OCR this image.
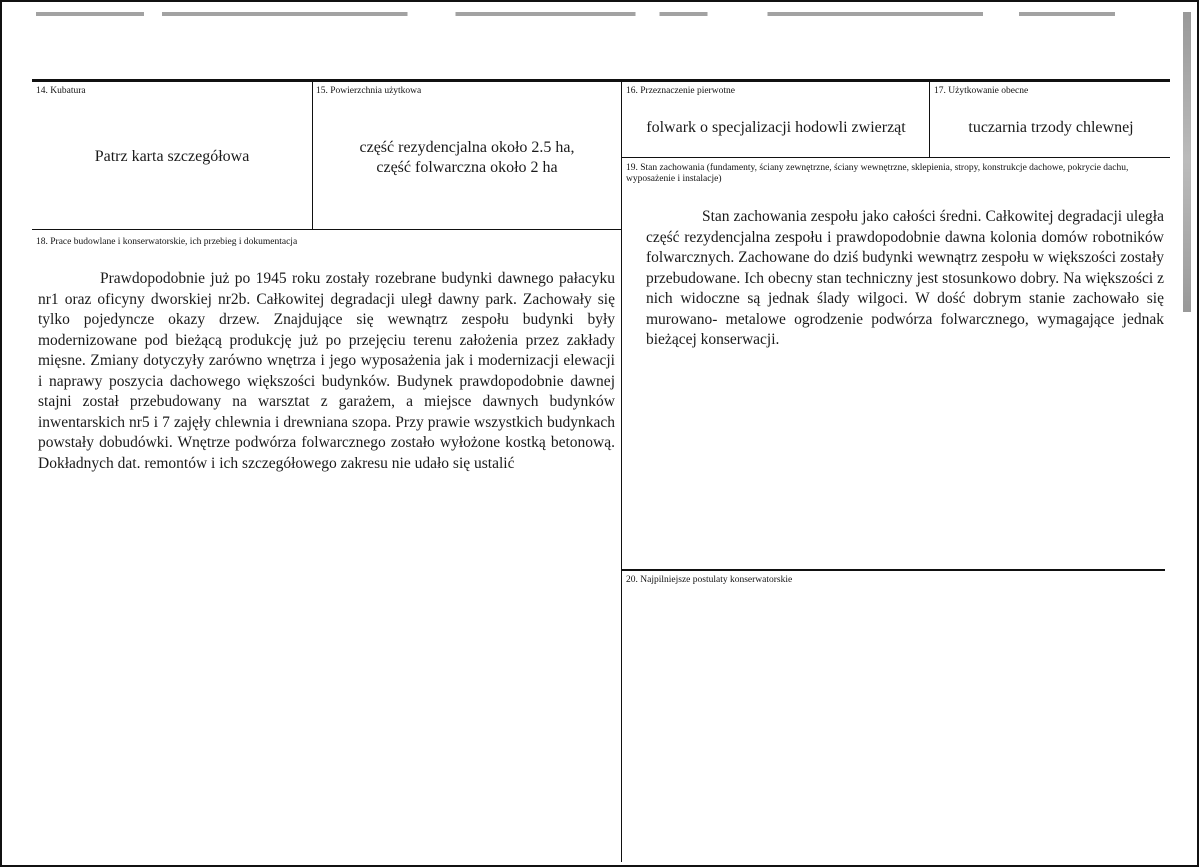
14. Kubatura
Patrz karta szczegółowa
15. Powierzchnia użytkowa
część rezydencjalna około 2.5 ha,
część folwarczna około 2 ha
16. Przeznaczenie pierwotne
folwark o specjalizacji hodowli zwierząt
17. Użytkowanie obecne
tuczarnia trzody chlewnej
18. Prace budowlane i konserwatorskie, ich przebieg i dokumentacja

Prawdopodobnie już po 1945 roku zostały rozebrane budynki dawnego pałacyku nr1 oraz oficyny dworskiej nr2b. Całkowitej degradacji uległ dawny park. Zachowały się tylko pojedyncze okazy drzew. Znajdujące się wewnątrz zespołu budynki były modernizowane pod bieżącą produkcję już po przejęciu terenu założenia przez zakłady mięsne. Zmiany dotyczyły zarówno wnętrza i jego wyposażenia jak i modernizacji elewacji i naprawy poszycia dachowego większości budynków. Budynek prawdopodobnie dawnej stajni został przebudowany na warsztat z garażem, a miejsce dawnych budynków inwentarskich nr5 i 7 zajęły chlewnia i drewniana szopa. Przy prawie wszystkich budynkach powstały dobudówki. Wnętrze podwórza folwarcznego zostało wyłożone kostką betonową. Dokładnych dat. remontów i ich szczegółowego zakresu nie udało się ustalić

19. Stan zachowania (fundamenty, ściany zewnętrzne, ściany wewnętrzne, sklepienia, stropy, konstrukcje dachowe, pokrycie dachu, wyposażenie i instalacje)

Stan zachowania zespołu jako całości średni. Całkowitej degradacji uległa część rezydencjalna zespołu i prawdopodobnie dawna kolonia domów robotników folwarcznych. Zachowane do dziś budynki wewnątrz zespołu w większości zostały przebudowane. Ich obecny stan techniczny jest stosunkowo dobry. Na większości z nich widoczne są jednak ślady wilgoci. W dość dobrym stanie zachowało się murowano- metalowe ogrodzenie podwórza folwarcznego, wymagające jednak bieżącej konserwacji.

20. Najpilniejsze postulaty konserwatorskie
